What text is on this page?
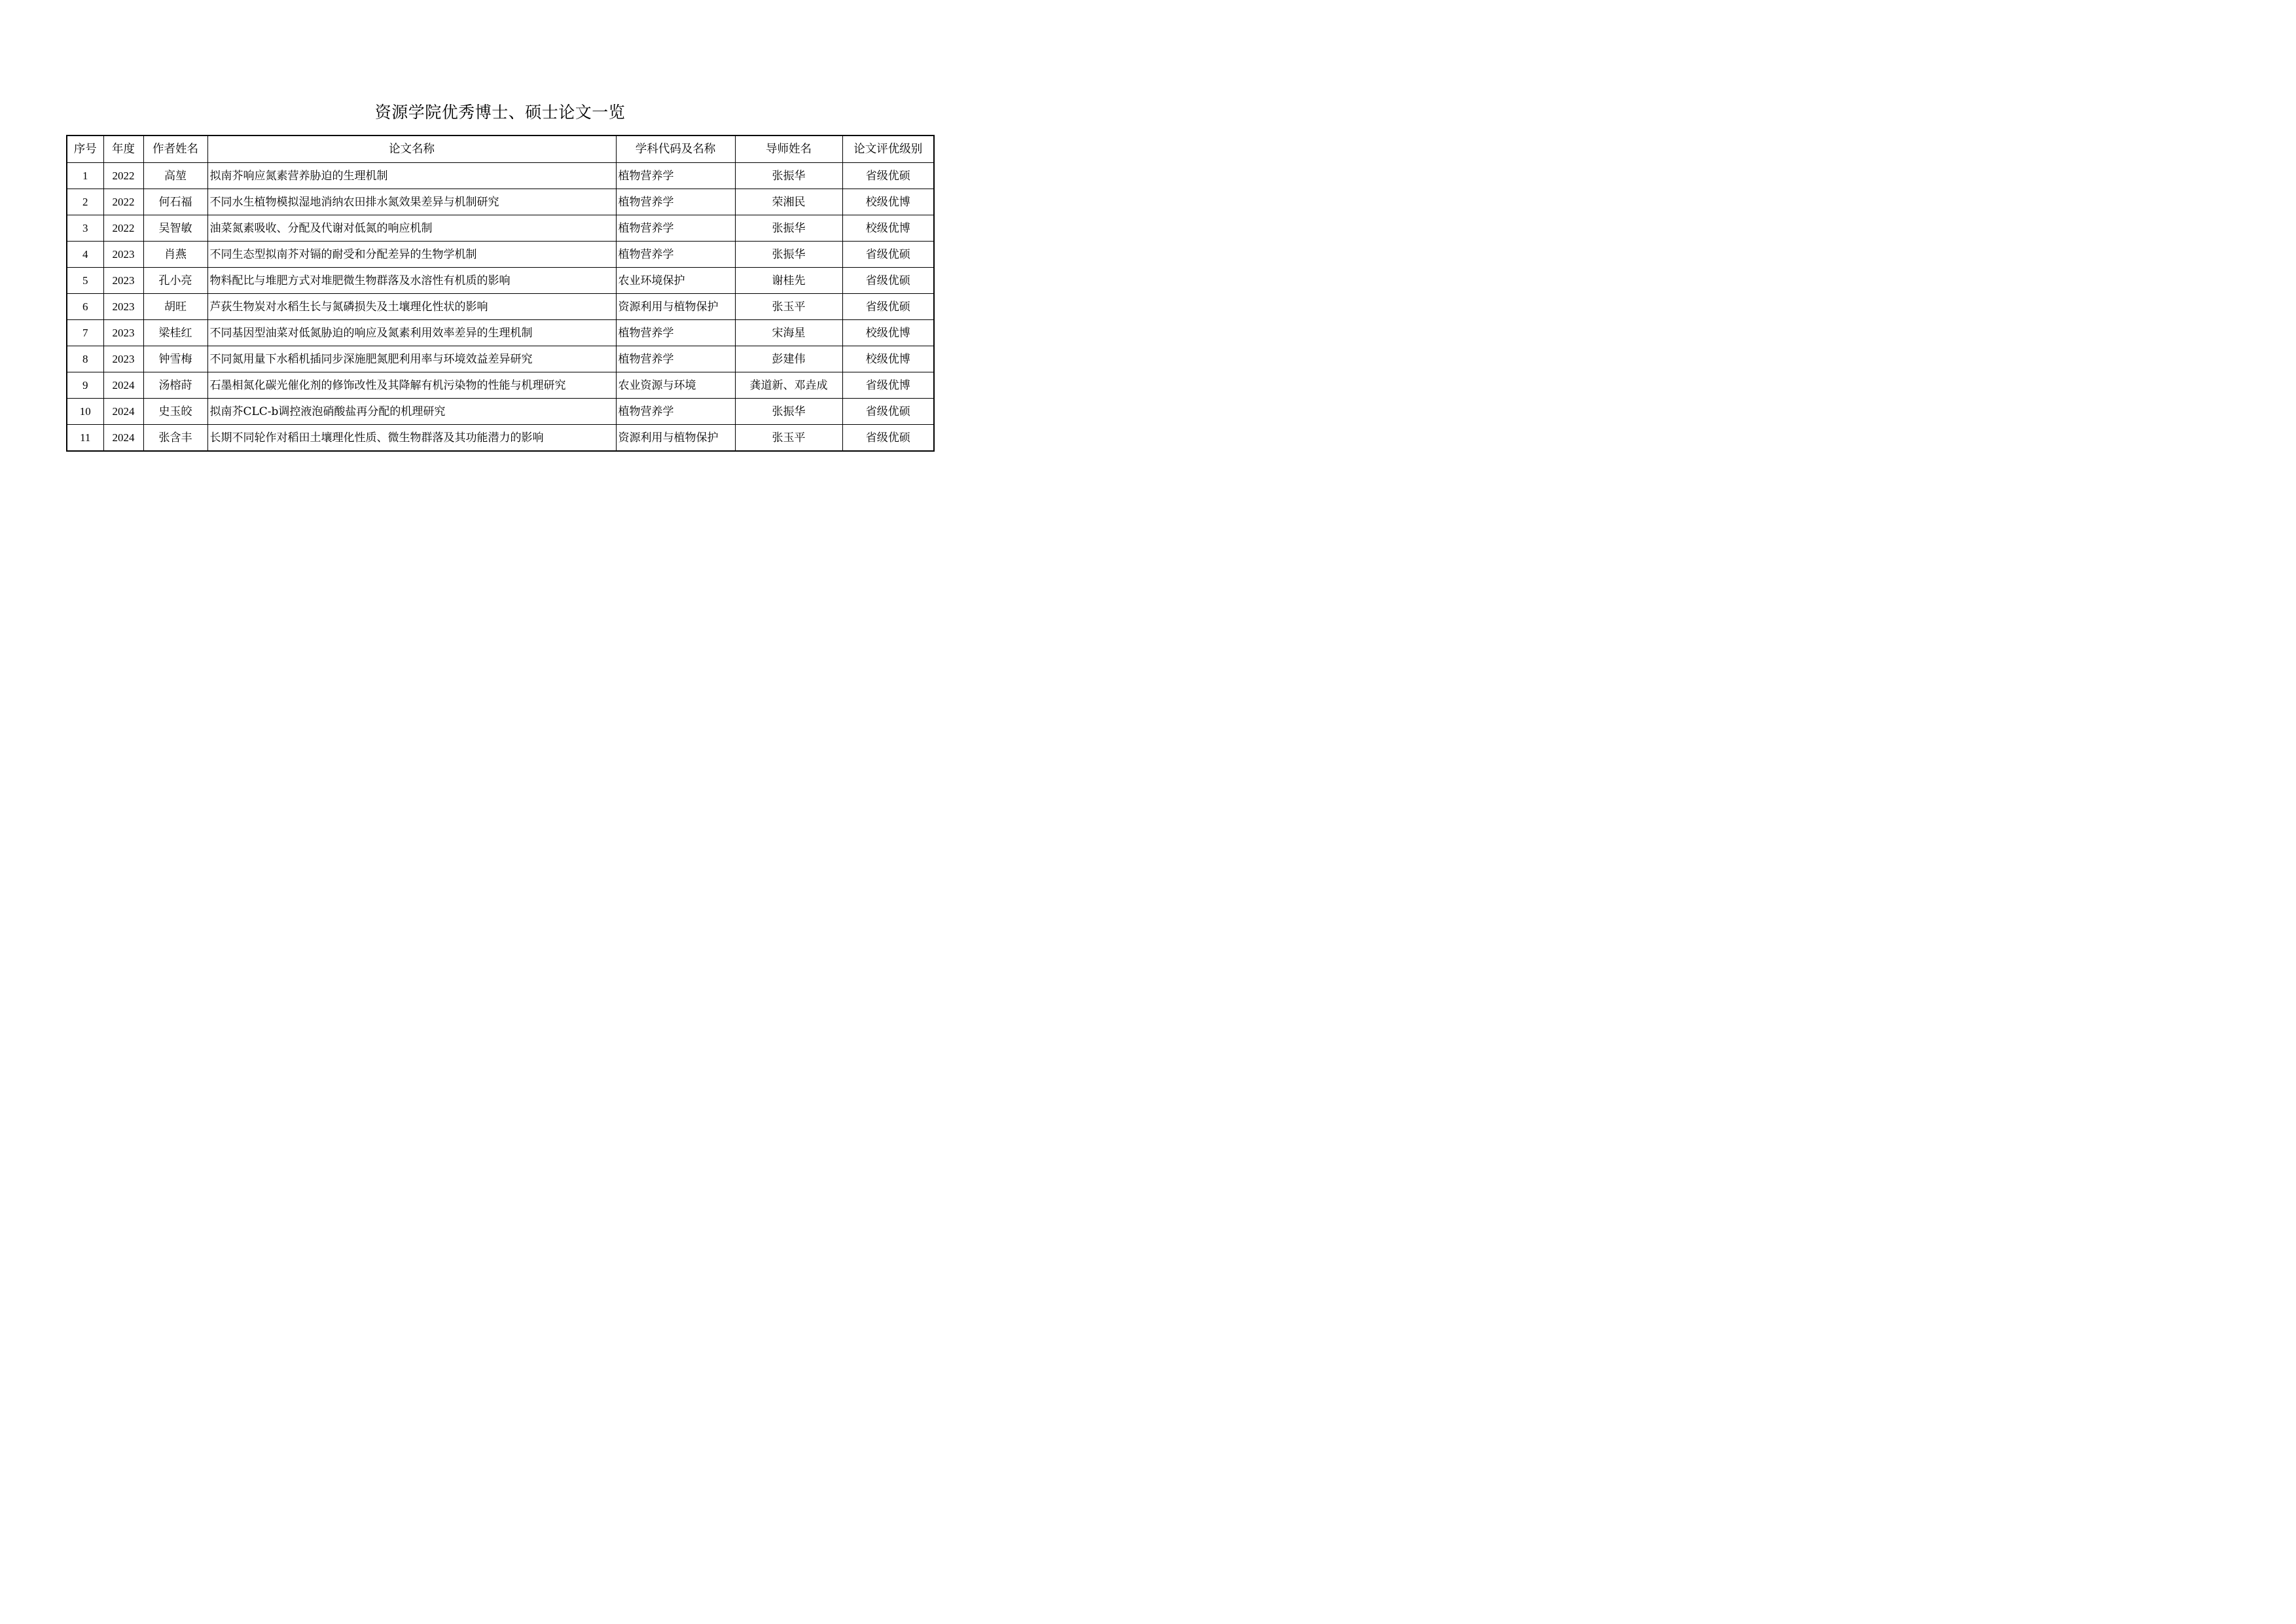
资源学院优秀博士、硕士论文一览
序号	年度	作者姓名	论文名称	学科代码及名称	导师姓名	论文评优级别
1	2022	高堃	拟南芥响应氮素营养胁迫的生理机制	植物营养学	张振华	省级优硕
2	2022	何石福	不同水生植物模拟湿地消纳农田排水氮效果差异与机制研究	植物营养学	荣湘民	校级优博
3	2022	吴智敏	油菜氮素吸收、分配及代谢对低氮的响应机制	植物营养学	张振华	校级优博
4	2023	肖燕	不同生态型拟南芥对镉的耐受和分配差异的生物学机制	植物营养学	张振华	省级优硕
5	2023	孔小亮	物料配比与堆肥方式对堆肥微生物群落及水溶性有机质的影响	农业环境保护	谢桂先	省级优硕
6	2023	胡旺	芦荻生物炭对水稻生长与氮磷损失及土壤理化性状的影响	资源利用与植物保护	张玉平	省级优硕
7	2023	梁桂红	不同基因型油菜对低氮胁迫的响应及氮素利用效率差异的生理机制	植物营养学	宋海星	校级优博
8	2023	钟雪梅	不同氮用量下水稻机插同步深施肥氮肥利用率与环境效益差异研究	植物营养学	彭建伟	校级优博
9	2024	汤榕莳	石墨相氮化碳光催化剂的修饰改性及其降解有机污染物的性能与机理研究	农业资源与环境	龚道新、邓垚成	省级优博
10	2024	史玉皎	拟南芥CLC-b调控液泡硝酸盐再分配的机理研究	植物营养学	张振华	省级优硕
11	2024	张含丰	长期不同轮作对稻田土壤理化性质、微生物群落及其功能潜力的影响	资源利用与植物保护	张玉平	省级优硕
